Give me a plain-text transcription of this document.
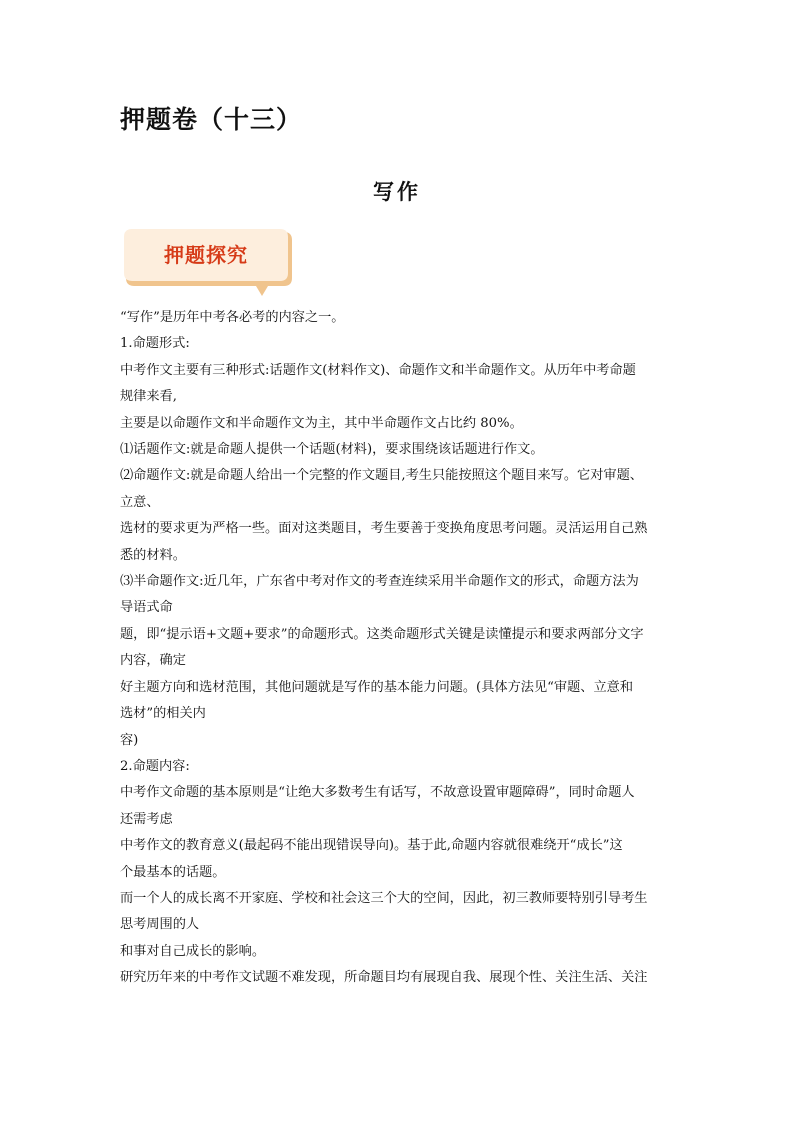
押题卷（十三）
写作
押题探究

“写作”是历年中考各必考的内容之一。

1.命题形式:

中考作文主要有三种形式:话题作文(材料作文)、命题作文和半命题作文。从历年中考命题

规律来看,

主要是以命题作文和半命题作文为主，其中半命题作文占比约 80%。

⑴话题作文:就是命题人提供一个话题(材料)，要求围绕该话题进行作文。

⑵命题作文:就是命题人给出一个完整的作文题目,考生只能按照这个题目来写。它对审题、

立意、

选材的要求更为严格一些。面对这类题目，考生要善于变换角度思考问题。灵活运用自己熟

悉的材料。

⑶半命题作文:近几年，广东省中考对作文的考查连续采用半命题作文的形式，命题方法为

导语式命

题，即“提示语+文题+要求”的命题形式。这类命题形式关键是读懂提示和要求两部分文字

内容，确定

好主题方向和选材范围，其他问题就是写作的基本能力问题。(具体方法见“审题、立意和

选材”的相关内

容)

2.命题内容:

中考作文命题的基本原则是“让绝大多数考生有话写，不故意设置审题障碍”，同时命题人

还需考虑

中考作文的教育意义(最起码不能出现错误导向)。基于此,命题内容就很难绕开“成长”这

个最基本的话题。

而一个人的成长离不开家庭、学校和社会这三个大的空间，因此，初三教师要特别引导考生

思考周围的人

和事对自己成长的影响。

研究历年来的中考作文试题不难发现，所命题目均有展现自我、展现个性、关注生活、关注
